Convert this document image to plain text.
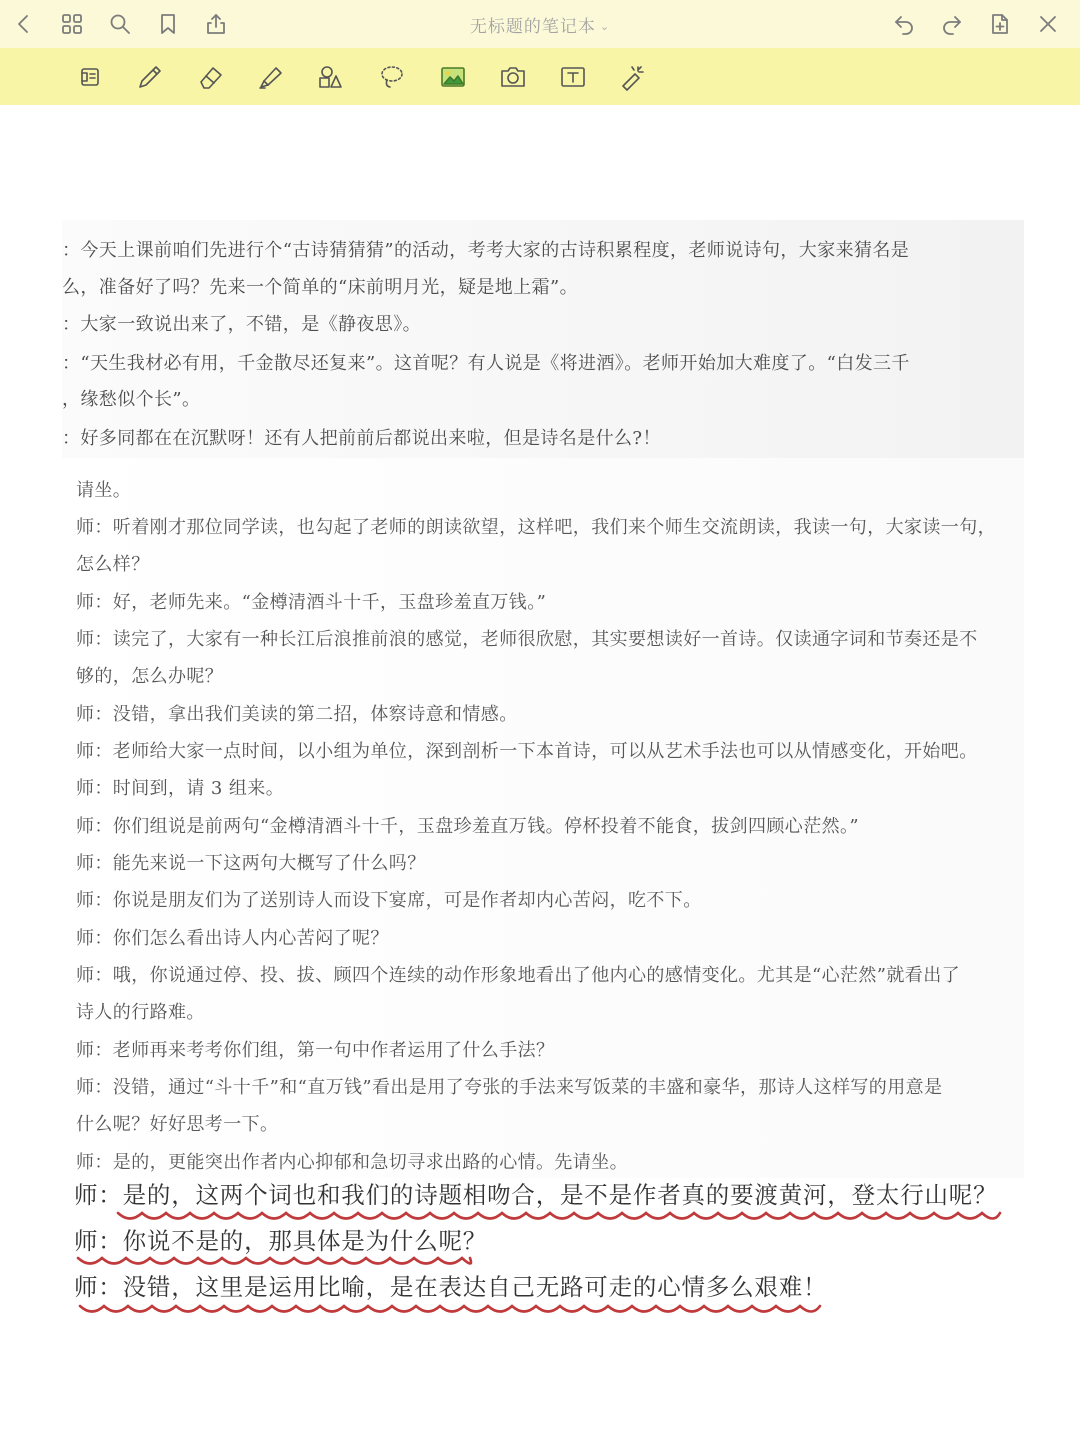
无标题的笔记本 ⌄
：今天上课前咱们先进行个“古诗猜猜猜”的活动，考考大家的古诗积累程度，老师说诗句，大家来猜名是
么，准备好了吗？先来一个简单的“床前明月光，疑是地上霜”。
：大家一致说出来了，不错，是《静夜思》。
：“天生我材必有用，千金散尽还复来”。这首呢？有人说是《将进酒》。老师开始加大难度了。“白发三千
，缘愁似个长”。
：好多同都在在沉默呀！还有人把前前后都说出来啦，但是诗名是什么?！
请坐。
师：听着刚才那位同学读，也勾起了老师的朗读欲望，这样吧，我们来个师生交流朗读，我读一句，大家读一句，
怎么样？
师：好，老师先来。“金樽清酒斗十千，玉盘珍羞直万钱。”
师：读完了，大家有一种长江后浪推前浪的感觉，老师很欣慰，其实要想读好一首诗。仅读通字词和节奏还是不
够的，怎么办呢？
师：没错，拿出我们美读的第二招，体察诗意和情感。
师：老师给大家一点时间，以小组为单位，深到剖析一下本首诗，可以从艺术手法也可以从情感变化，开始吧。
师：时间到，请 3 组来。
师：你们组说是前两句“金樽清酒斗十千，玉盘珍羞直万钱。停杯投着不能食，拔剑四顾心茫然。”
师：能先来说一下这两句大概写了什么吗？
师：你说是朋友们为了送别诗人而设下宴席，可是作者却内心苦闷，吃不下。
师：你们怎么看出诗人内心苦闷了呢？
师：哦，你说通过停、投、拔、顾四个连续的动作形象地看出了他内心的感情变化。尤其是“心茫然”就看出了
诗人的行路难。
师：老师再来考考你们组，第一句中作者运用了什么手法？
师：没错，通过“斗十千”和“直万钱”看出是用了夸张的手法来写饭菜的丰盛和豪华，那诗人这样写的用意是
什么呢？好好思考一下。
师：是的，更能突出作者内心抑郁和急切寻求出路的心情。先请坐。
师：是的，这两个词也和我们的诗题相吻合，是不是作者真的要渡黄河，登太行山呢？
师：你说不是的，那具体是为什么呢？
师：没错，这里是运用比喻，是在表达自己无路可走的心情多么艰难！
